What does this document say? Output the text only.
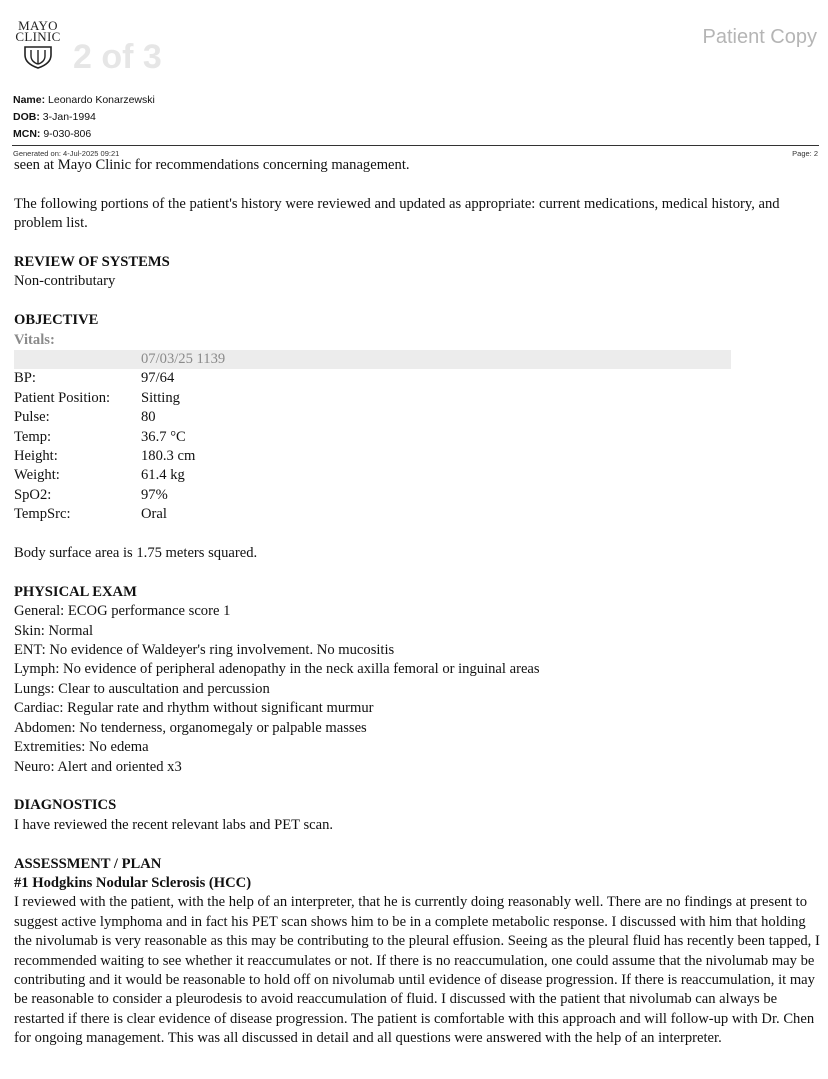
MAYO
CLINIC
2 of 3
Patient Copy
Name: Leonardo Konarzewski
DOB: 3-Jan-1994
MCN: 9-030-806
Generated on: 4-Jul-2025 09:21	Page: 2

seen at Mayo Clinic for recommendations concerning management.

The following portions of the patient's history were reviewed and updated as appropriate: current medications, medical history, and problem list.

REVIEW OF SYSTEMS

Non-contributary

OBJECTIVE

Vitals:

	07/03/25 1139
BP:	97/64
Patient Position:	Sitting
Pulse:	80
Temp:	36.7 °C
Height:	180.3 cm
Weight:	61.4 kg
SpO2:	97%
TempSrc:	Oral

Body surface area is 1.75 meters squared.

PHYSICAL EXAM

General: ECOG performance score 1

Skin: Normal

ENT: No evidence of Waldeyer's ring involvement. No mucositis

Lymph: No evidence of peripheral adenopathy in the neck axilla femoral or inguinal areas

Lungs: Clear to auscultation and percussion

Cardiac: Regular rate and rhythm without significant murmur

Abdomen: No tenderness, organomegaly or palpable masses

Extremities: No edema

Neuro: Alert and oriented x3

DIAGNOSTICS

I have reviewed the recent relevant labs and PET scan.

ASSESSMENT / PLAN

#1 Hodgkins Nodular Sclerosis (HCC)

I reviewed with the patient, with the help of an interpreter, that he is currently doing reasonably well. There are no findings at present to suggest active lymphoma and in fact his PET scan shows him to be in a complete metabolic response. I discussed with him that holding the nivolumab is very reasonable as this may be contributing to the pleural effusion. Seeing as the pleural fluid has recently been tapped, I recommended waiting to see whether it reaccumulates or not. If there is no reaccumulation, one could assume that the nivolumab may be contributing and it would be reasonable to hold off on nivolumab until evidence of disease progression. If there is reaccumulation, it may be reasonable to consider a pleurodesis to avoid reaccumulation of fluid. I discussed with the patient that nivolumab can always be restarted if there is clear evidence of disease progression. The patient is comfortable with this approach and will follow-up with Dr. Chen for ongoing management. This was all discussed in detail and all questions were answered with the help of an interpreter.
